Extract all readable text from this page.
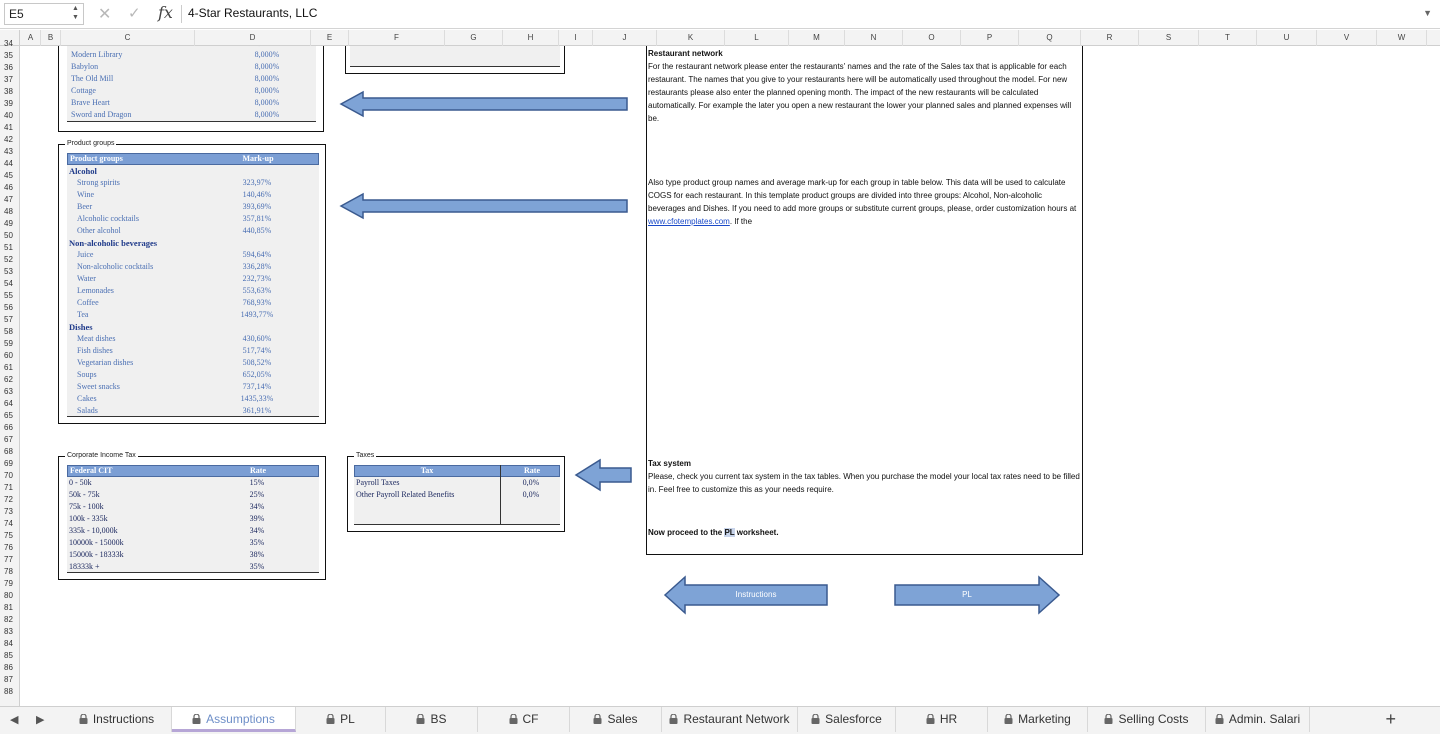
E5	▲
▼ ✕ ✓ fx 4-Star Restaurants, LLC	▼
A	B	C	D	E	F	G	H	I	J	K	L	M	N	O	P	Q	R	S	T	U	V	W
34
35
36
37
38
39
40
41
42
43
44
45
46
47
48
49
50
51
52
53
54
55
56
57
58
59
60
61
62
63
64
65
66
67
68
69
70
71
72
73
74
75
76
77
78
79
80
81
82
83
84
85
86
87
88
Modern Library	8,000%
Babylon	8,000%
The Old Mill	8,000%
Cottage	8,000%
Brave Heart	8,000%
Sword and Dragon	8,000%
Product groups
Product groups	Mark-up
Alcohol
Strong spirits	323,97%
Wine	140,46%
Beer	393,69%
Alcoholic cocktails	357,81%
Other alcohol	440,85%
Non-alcoholic beverages
Juice	594,64%
Non-alcoholic cocktails	336,28%
Water	232,73%
Lemonades	553,63%
Coffee	768,93%
Tea	1493,77%
Dishes
Meat dishes	430,60%
Fish dishes	517,74%
Vegetarian dishes	508,52%
Soups	652,05%
Sweet snacks	737,14%
Cakes	1435,33%
Salads	361,91%
Corporate Income Tax
Federal CIT	Rate
0 - 50k	15%
50k - 75k	25%
75k - 100k	34%
100k - 335k	39%
335k - 10,000k	34%
10000k - 15000k	35%
15000k - 18333k	38%
18333k +	35%
Taxes
Tax	Rate
Payroll Taxes	0,0%
Other Payroll Related Benefits	0,0%
Restaurant network
For the restaurant network please enter the restaurants' names and the rate of the Sales tax that is applicable for each restaurant. The names that you give to your restaurants here will be automatically used throughout the model. For new restaurants please also enter the planned opening month. The impact of the new restaurants will be calculated automatically. For example the later you open a new restaurant the lower your planned sales and planned expenses will be.
Also type product group names and average mark-up for each group in table below. This data will be used to calculate COGS for each restaurant. In this template product groups are divided into three groups: Alcohol, Non-alcoholic beverages and Dishes. If you need to add more groups or substitute current groups, please, order customization hours at www.cfotemplates.com. If the
Tax system
Please, check you current tax system in the tax tables. When you purchase the model your local tax rates need to be filled in. Feel free to customize this as your needs require.
Now proceed to the PL worksheet.
Instructions	PL
◀ ▶	Instructions	Assumptions	PL	BS	CF	Sales	Restaurant Network	Salesforce	HR	Marketing	Selling Costs	Admin. Salari	+
